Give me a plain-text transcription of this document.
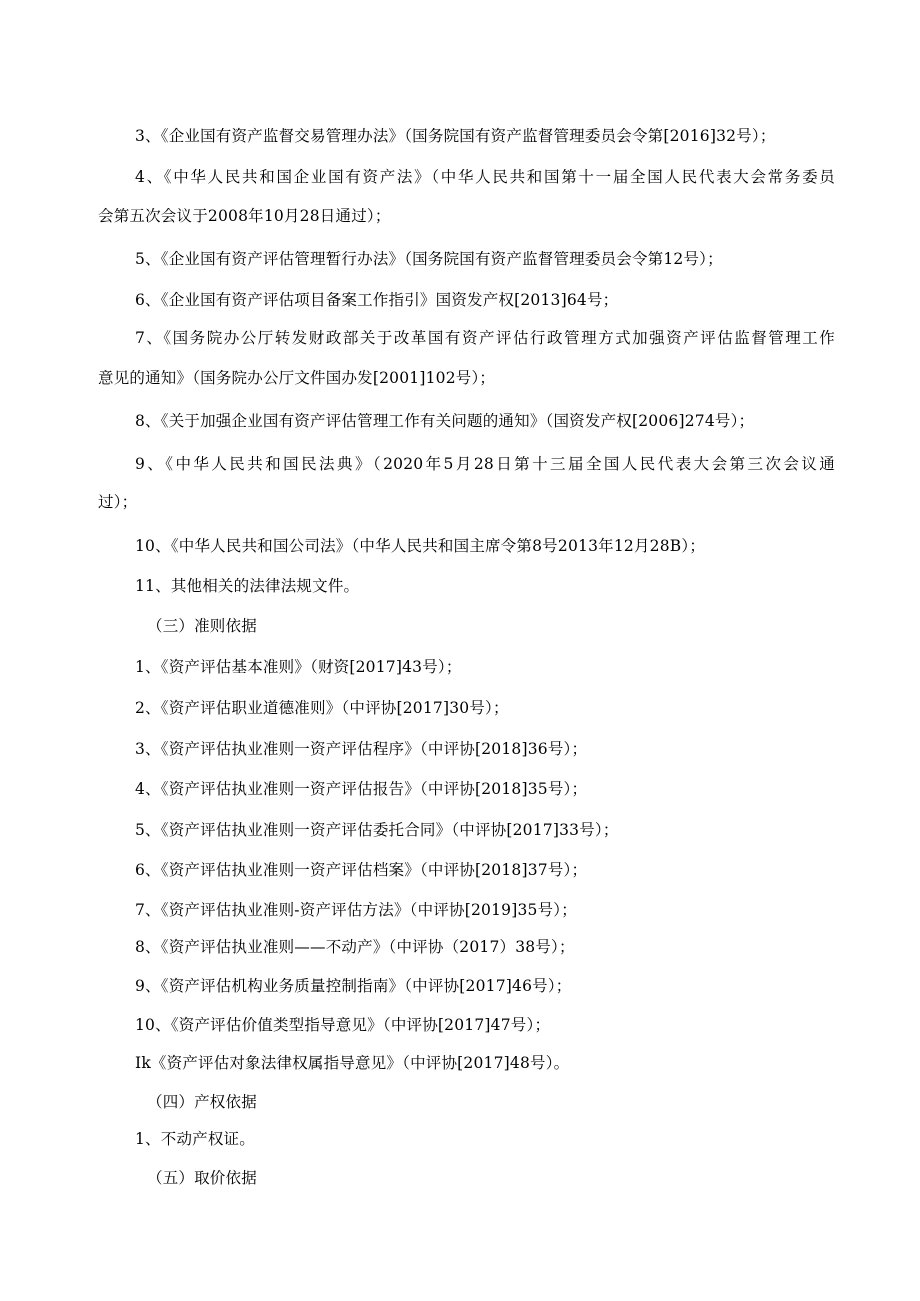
3、《企业国有资产监督交易管理办法》（国务院国有资产监督管理委员会令第[2016]32号）；
4、《中华人民共和国企业国有资产法》（中华人民共和国第十一届全国人民代表大会常务委员
会第五次会议于2008年10月28日通过）；
5、《企业国有资产评估管理暂行办法》（国务院国有资产监督管理委员会令第12号）；
6、《企业国有资产评估项目备案工作指引》国资发产权[2013]64号；
7、《国务院办公厅转发财政部关于改革国有资产评估行政管理方式加强资产评估监督管理工作
意见的通知》（国务院办公厅文件国办发[2001]102号）；
8、《关于加强企业国有资产评估管理工作有关问题的通知》（国资发产权[2006]274号）；
9、《中华人民共和国民法典》（2020年5月28日第十三届全国人民代表大会第三次会议通
过）；
10、《中华人民共和国公司法》（中华人民共和国主席令第8号2013年12月28B）；
11、其他相关的法律法规文件。
（三）准则依据
1、《资产评估基本准则》（财资[2017]43号）；
2、《资产评估职业道德准则》（中评协[2017]30号）；
3、《资产评估执业准则一资产评估程序》（中评协[2018]36号）；
4、《资产评估执业准则一资产评估报告》（中评协[2018]35号）；
5、《资产评估执业准则一资产评估委托合同》（中评协[2017]33号）；
6、《资产评估执业准则一资产评估档案》（中评协[2018]37号）；
7、《资产评估执业准则-资产评估方法》（中评协[2019]35号）；
8、《资产评估执业准则——不动产》（中评协（2017）38号）；
9、《资产评估机构业务质量控制指南》（中评协[2017]46号）；
10、《资产评估价值类型指导意见》（中评协[2017]47号）；
Ik《资产评估对象法律权属指导意见》（中评协[2017]48号）。
（四）产权依据
1、不动产权证。
（五）取价依据
